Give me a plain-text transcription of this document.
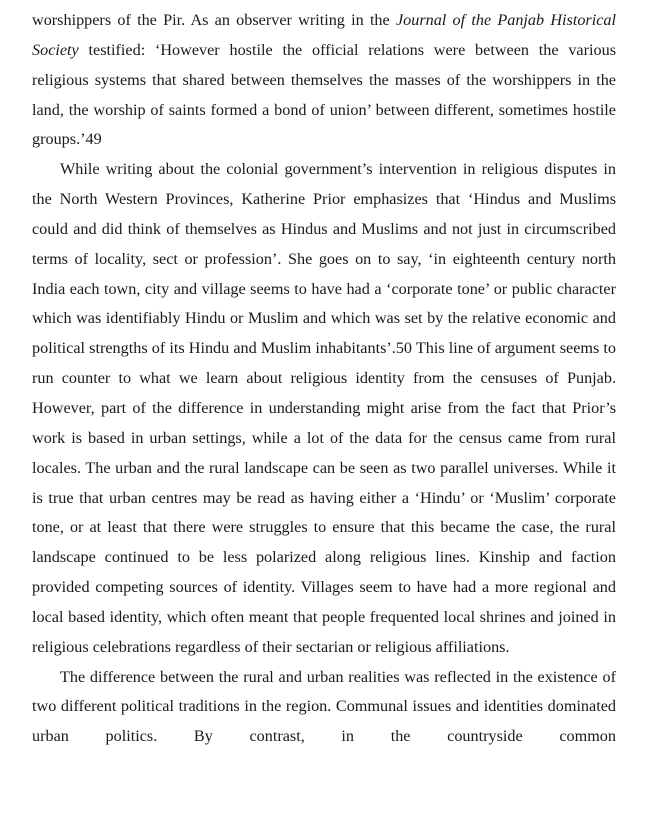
worshippers of the Pir. As an observer writing in the Journal of the Panjab Historical Society testified: ‘However hostile the official relations were between the various religious systems that shared between themselves the masses of the worshippers in the land, the worship of saints formed a bond of union’ between different, sometimes hostile groups.’49

While writing about the colonial government’s intervention in religious disputes in the North Western Provinces, Katherine Prior emphasizes that ‘Hindus and Muslims could and did think of themselves as Hindus and Muslims and not just in circumscribed terms of locality, sect or profession’. She goes on to say, ‘in eighteenth century north India each town, city and village seems to have had a ‘corporate tone’ or public character which was identifiably Hindu or Muslim and which was set by the relative economic and political strengths of its Hindu and Muslim inhabitants’.50 This line of argument seems to run counter to what we learn about religious identity from the censuses of Punjab. However, part of the difference in understanding might arise from the fact that Prior’s work is based in urban settings, while a lot of the data for the census came from rural locales. The urban and the rural landscape can be seen as two parallel universes. While it is true that urban centres may be read as having either a ‘Hindu’ or ‘Muslim’ corporate tone, or at least that there were struggles to ensure that this became the case, the rural landscape continued to be less polarized along religious lines. Kinship and faction provided competing sources of identity. Villages seem to have had a more regional and local based identity, which often meant that people frequented local shrines and joined in religious celebrations regardless of their sectarian or religious affiliations.

The difference between the rural and urban realities was reflected in the existence of two different political traditions in the region. Communal issues and identities dominated urban politics. By contrast, in the countryside common
